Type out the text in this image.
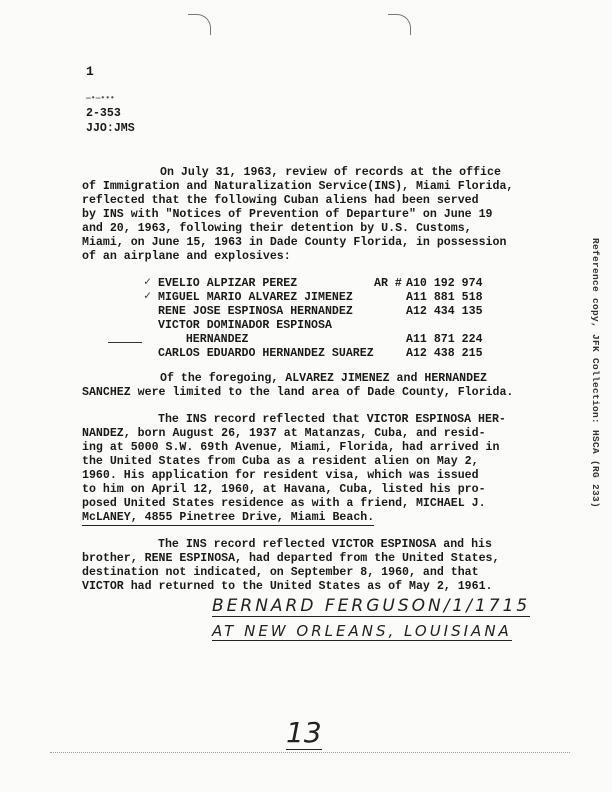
1
—•—•••
2-353
JJO:JMS
On July 31, 1963, review of records at the office
of Immigration and Naturalization Service(INS), Miami Florida,
reflected that the following Cuban aliens had been served
by INS with "Notices of Prevention of Departure" on June 19
and 20, 1963, following their detention by U.S. Customs,
Miami, on June 15, 1963 in Dade County Florida, in possession
of an airplane and explosives:
✓
✓
EVELIO ALPIZAR PEREZ	AR # A10 192 974
MIGUEL MARIO ALVAREZ JIMENEZ	A11 881 518
RENE JOSE ESPINOSA HERNANDEZ	A12 434 135
VICTOR DOMINADOR ESPINOSA
HERNANDEZ	A11 871 224
CARLOS EDUARDO HERNANDEZ SUAREZ	A12 438 215
Of the foregoing, ALVAREZ JIMENEZ and HERNANDEZ
SANCHEZ were limited to the land area of Dade County, Florida.
The INS record reflected that VICTOR ESPINOSA HER-
NANDEZ, born August 26, 1937 at Matanzas, Cuba, and resid-
ing at 5000 S.W. 69th Avenue, Miami, Florida, had arrived in
the United States from Cuba as a resident alien on May 2,
1960. His application for resident visa, which was issued
to him on April 12, 1960, at Havana, Cuba, listed his pro-
posed United States residence as with a friend, MICHAEL J.
McLANEY, 4855 Pinetree Drive, Miami Beach.
The INS record reflected VICTOR ESPINOSA and his
brother, RENE ESPINOSA, had departed from the United States,
destination not indicated, on September 8, 1960, and that
VICTOR had returned to the United States as of May 2, 1961.
BERNARD FERGUSON/1/1715
AT NEW ORLEANS, LOUISIANA
13
Reference copy, JFK Collection: HSCA (RG 233)
